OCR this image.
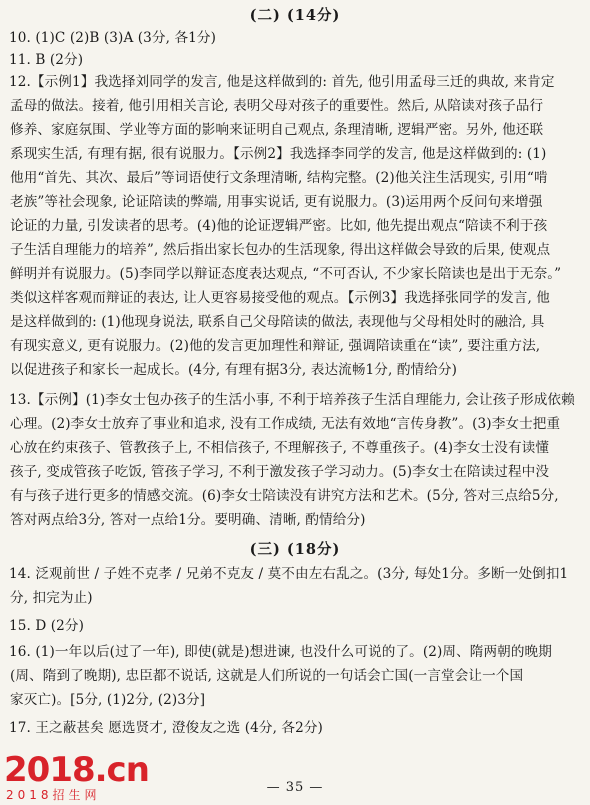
(二) (14分)
10. (1)C (2)B (3)A (3分, 各1分)
11. B (2分)
12.【示例1】我选择刘同学的发言, 他是这样做到的: 首先, 他引用孟母三迁的典故, 来肯定
孟母的做法。接着, 他引用相关言论, 表明父母对孩子的重要性。然后, 从陪读对孩子品行
修养、家庭氛围、学业等方面的影响来证明自己观点, 条理清晰, 逻辑严密。另外, 他还联
系现实生活, 有理有据, 很有说服力。【示例2】我选择李同学的发言, 他是这样做到的: (1)
他用“首先、其次、最后”等词语使行文条理清晰, 结构完整。(2)他关注生活现实, 引用“啃
老族”等社会现象, 论证陪读的弊端, 用事实说话, 更有说服力。(3)运用两个反问句来增强
论证的力量, 引发读者的思考。(4)他的论证逻辑严密。比如, 他先提出观点“陪读不利于孩
子生活自理能力的培养”, 然后指出家长包办的生活现象, 得出这样做会导致的后果, 使观点
鲜明并有说服力。(5)李同学以辩证态度表达观点, “不可否认, 不少家长陪读也是出于无奈。”
类似这样客观而辩证的表达, 让人更容易接受他的观点。【示例3】我选择张同学的发言, 他
是这样做到的: (1)他现身说法, 联系自己父母陪读的做法, 表现他与父母相处时的融洽, 具
有现实意义, 更有说服力。(2)他的发言更加理性和辩证, 强调陪读重在“读”, 要注重方法,
以促进孩子和家长一起成长。(4分, 有理有据3分, 表达流畅1分, 酌情给分)
13.【示例】(1)李女士包办孩子的生活小事, 不利于培养孩子生活自理能力, 会让孩子形成依赖
心理。(2)李女士放弃了事业和追求, 没有工作成绩, 无法有效地“言传身教”。(3)李女士把重
心放在约束孩子、管教孩子上, 不相信孩子, 不理解孩子, 不尊重孩子。(4)李女士没有读懂
孩子, 变成管孩子吃饭, 管孩子学习, 不利于激发孩子学习动力。(5)李女士在陪读过程中没
有与孩子进行更多的情感交流。(6)李女士陪读没有讲究方法和艺术。(5分, 答对三点给5分,
答对两点给3分, 答对一点给1分。要明确、清晰, 酌情给分)
(三) (18分)
14. 泛观前世 / 子姓不克孝 / 兄弟不克友 / 莫不由左右乱之。(3分, 每处1分。多断一处倒扣1
分, 扣完为止)
15. D (2分)
16. (1)一年以后(过了一年), 即使(就是)想进谏, 也没什么可说的了。(2)周、隋两朝的晚期
(周、隋到了晚期), 忠臣都不说话, 这就是人们所说的一句话会亡国(一言堂会让一个国
家灭亡)。[5分, (1)2分, (2)3分]
17. 王之蔽甚矣 愿选贤才, 澄俊友之选 (4分, 各2分)
— 35 —
2018.cn
2018招生网
